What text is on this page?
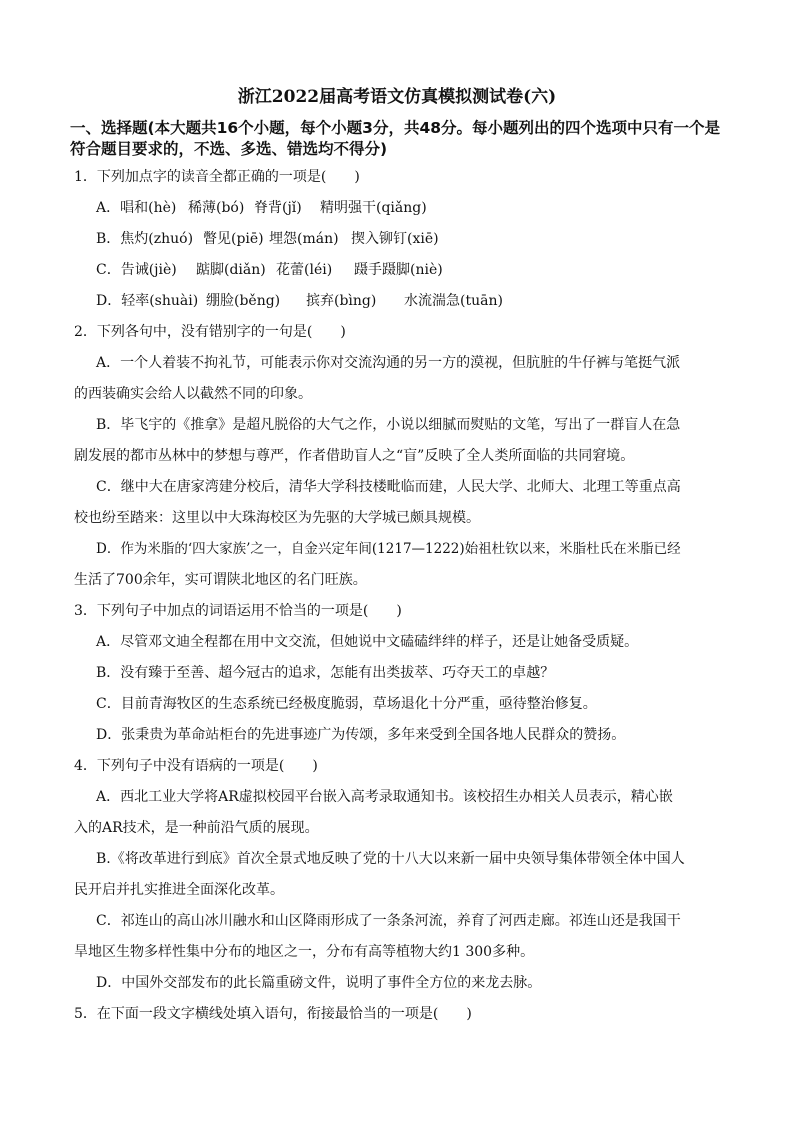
浙江2022届高考语文仿真模拟测试卷(六)
一、选择题(本大题共16个小题，每个小题3分，共48分。每小题列出的四个选项中只有一个是符合题目要求的，不选、多选、错选均不得分)
1．下列加点字的读音全都正确的一项是(　　)
A．唱和(hè) 稀薄(bó) 脊背(jǐ) 精明强干(qiǎng)
B．焦灼(zhuó) 瞥见(piē) 埋怨(mán) 揳入铆钉(xiē)
C．告诫(jiè) 踮脚(diǎn) 花蕾(léi) 蹑手蹑脚(niè)
D．轻率(shuài) 绷脸(běng) 摈弃(bìng) 水流湍急(tuān)
2．下列各句中，没有错别字的一句是(　　)
A．一个人着装不拘礼节，可能表示你对交流沟通的另一方的漠视，但肮脏的牛仔裤与笔挺气派
的西装确实会给人以截然不同的印象。
B．毕飞宇的《推拿》是超凡脱俗的大气之作，小说以细腻而熨贴的文笔，写出了一群盲人在急
剧发展的都市丛林中的梦想与尊严，作者借助盲人之“盲”反映了全人类所面临的共同窘境。
C．继中大在唐家湾建分校后，清华大学科技楼毗临而建，人民大学、北师大、北理工等重点高
校也纷至踏来：这里以中大珠海校区为先驱的大学城已颇具规模。
D．作为米脂的‘四大家族’之一，自金兴定年间(1217—1222)始祖杜钦以来，米脂杜氏在米脂已经
生活了700余年，实可谓陕北地区的名门旺族。
3．下列句子中加点的词语运用不恰当的一项是(　　)
A．尽管邓文迪全程都在用中文交流，但她说中文磕磕绊绊的样子，还是让她备受质疑。
B．没有臻于至善、超今冠古的追求，怎能有出类拔萃、巧夺天工的卓越？
C．目前青海牧区的生态系统已经极度脆弱，草场退化十分严重，亟待整治修复。
D．张秉贵为革命站柜台的先进事迹广为传颂，多年来受到全国各地人民群众的赞扬。
4．下列句子中没有语病的一项是(　　)
A．西北工业大学将AR虚拟校园平台嵌入高考录取通知书。该校招生办相关人员表示，精心嵌
入的AR技术，是一种前沿气质的展现。
B.《将改革进行到底》首次全景式地反映了党的十八大以来新一届中央领导集体带领全体中国人
民开启并扎实推进全面深化改革。
C．祁连山的高山冰川融水和山区降雨形成了一条条河流，养育了河西走廊。祁连山还是我国干
旱地区生物多样性集中分布的地区之一，分布有高等植物大约1 300多种。
D．中国外交部发布的此长篇重磅文件，说明了事件全方位的来龙去脉。
5．在下面一段文字横线处填入语句，衔接最恰当的一项是(　　)
